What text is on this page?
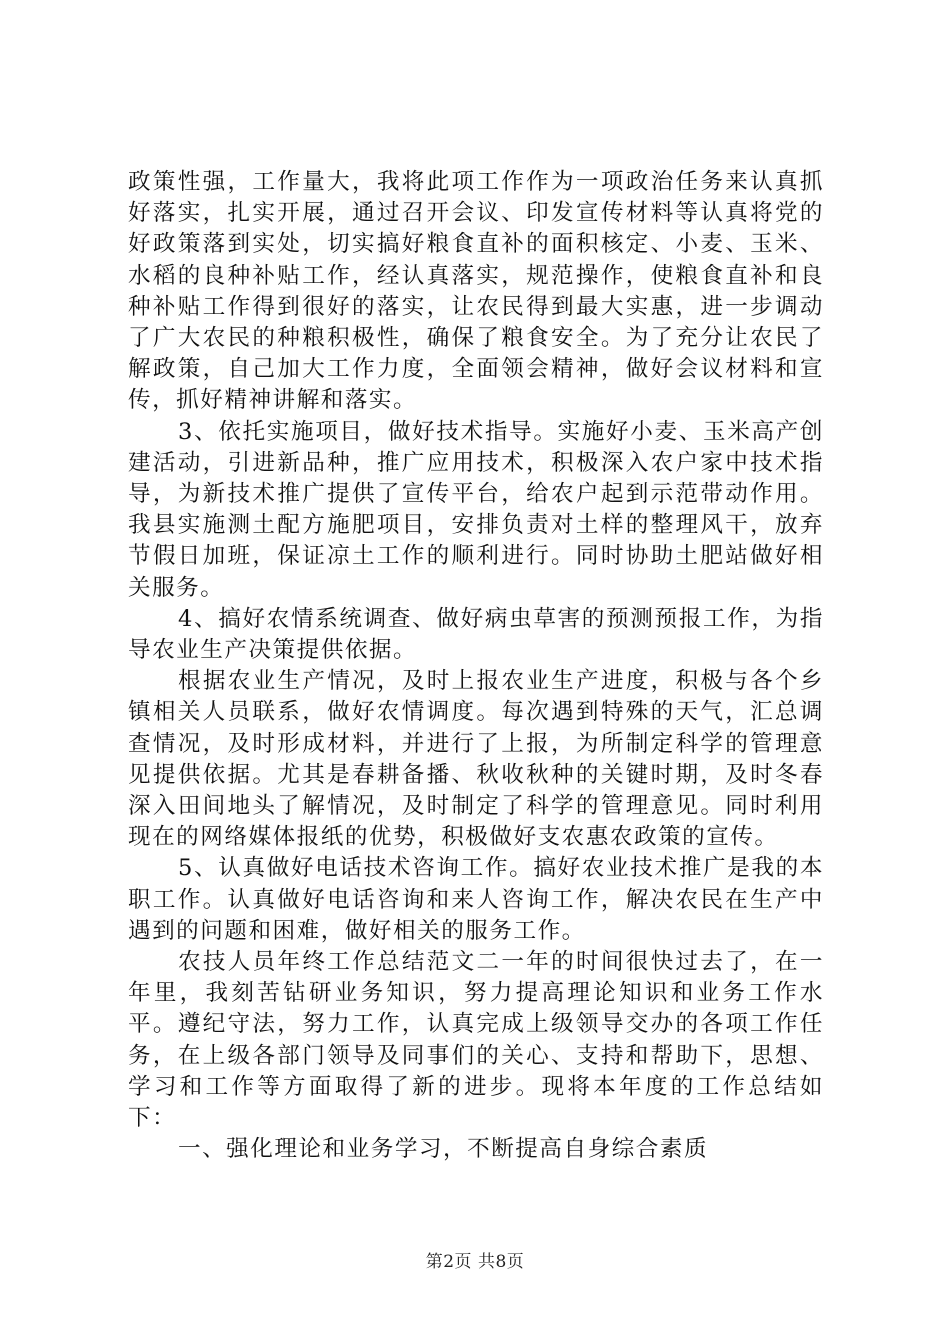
政策性强，工作量大，我将此项工作作为一项政治任务来认真抓好落实，扎实开展，通过召开会议、印发宣传材料等认真将党的好政策落到实处，切实搞好粮食直补的面积核定、小麦、玉米、水稻的良种补贴工作，经认真落实，规范操作，使粮食直补和良种补贴工作得到很好的落实，让农民得到最大实惠，进一步调动了广大农民的种粮积极性，确保了粮食安全。为了充分让农民了解政策，自己加大工作力度，全面领会精神，做好会议材料和宣传，抓好精神讲解和落实。

3、依托实施项目，做好技术指导。实施好小麦、玉米高产创建活动，引进新品种，推广应用技术，积极深入农户家中技术指导，为新技术推广提供了宣传平台，给农户起到示范带动作用。我县实施测土配方施肥项目，安排负责对土样的整理风干，放弃节假日加班，保证凉土工作的顺利进行。同时协助土肥站做好相关服务。

4、搞好农情系统调查、做好病虫草害的预测预报工作，为指导农业生产决策提供依据。

根据农业生产情况，及时上报农业生产进度，积极与各个乡镇相关人员联系，做好农情调度。每次遇到特殊的天气，汇总调查情况，及时形成材料，并进行了上报，为所制定科学的管理意见提供依据。尤其是春耕备播、秋收秋种的关键时期，及时冬春深入田间地头了解情况，及时制定了科学的管理意见。同时利用现在的网络媒体报纸的优势，积极做好支农惠农政策的宣传。

5、认真做好电话技术咨询工作。搞好农业技术推广是我的本职工作。认真做好电话咨询和来人咨询工作，解决农民在生产中遇到的问题和困难，做好相关的服务工作。

农技人员年终工作总结范文二一年的时间很快过去了，在一年里，我刻苦钻研业务知识，努力提高理论知识和业务工作水平。遵纪守法，努力工作，认真完成上级领导交办的各项工作任务，在上级各部门领导及同事们的关心、支持和帮助下，思想、学习和工作等方面取得了新的进步。现将本年度的工作总结如下：

一、强化理论和业务学习，不断提高自身综合素质

第2页 共8页
